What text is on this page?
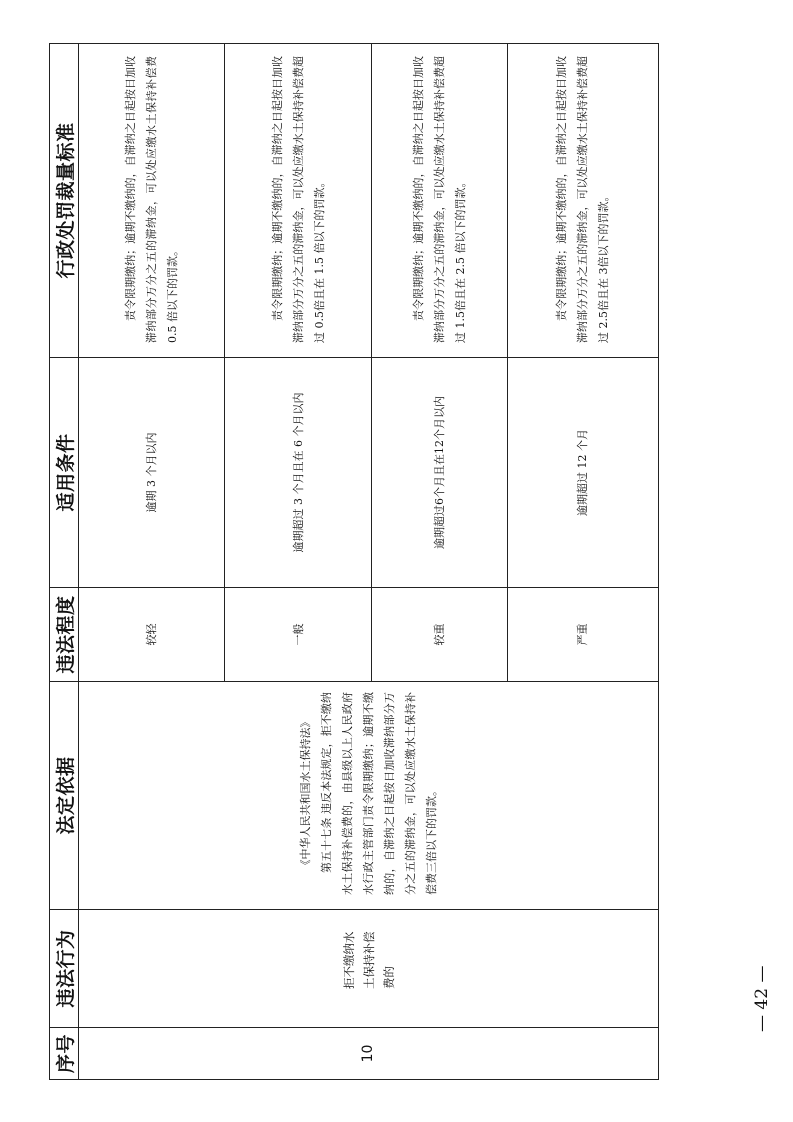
序号	违法行为	法定依据	违法程度	适用条件	行政处罚裁量标准
10	拒不缴纳水土保持补偿费的	《中华人民共和国水土保持法》 第五十七条 违反本法规定，拒不缴纳水土保持补偿费的，由县级以上人民政府水行政主管部门责令限期缴纳；逾期不缴纳的，自滞纳之日起按日加收滞纳部分万分之五的滞纳金，可以处应缴水土保持补偿费三倍以下的罚款。	较轻	逾期 3 个月以内	责令限期缴纳；逾期不缴纳的，自滞纳之日起按日加收滞纳部分万分之五的滞纳金，可以处应缴水土保持补偿费 0.5 倍以下的罚款。

			一般	逾期超过 3 个月且在 6 个月以内	责令限期缴纳；逾期不缴纳的，自滞纳之日起按日加收滞纳部分万分之五的滞纳金，可以处应缴水土保持补偿费超过 0.5倍且在 1.5 倍以下的罚款。

			较重	逾期超过6个月且在12个月以内	责令限期缴纳；逾期不缴纳的，自滞纳之日起按日加收滞纳部分万分之五的滞纳金，可以处应缴水土保持补偿费超过 1.5倍且在 2.5 倍以下的罚款。

			严重	逾期超过 12 个月	责令限期缴纳；逾期不缴纳的，自滞纳之日起按日加收滞纳部分万分之五的滞纳金，可以处应缴水土保持补偿费超过 2.5倍且在 3倍以下的罚款。
— 42 —
